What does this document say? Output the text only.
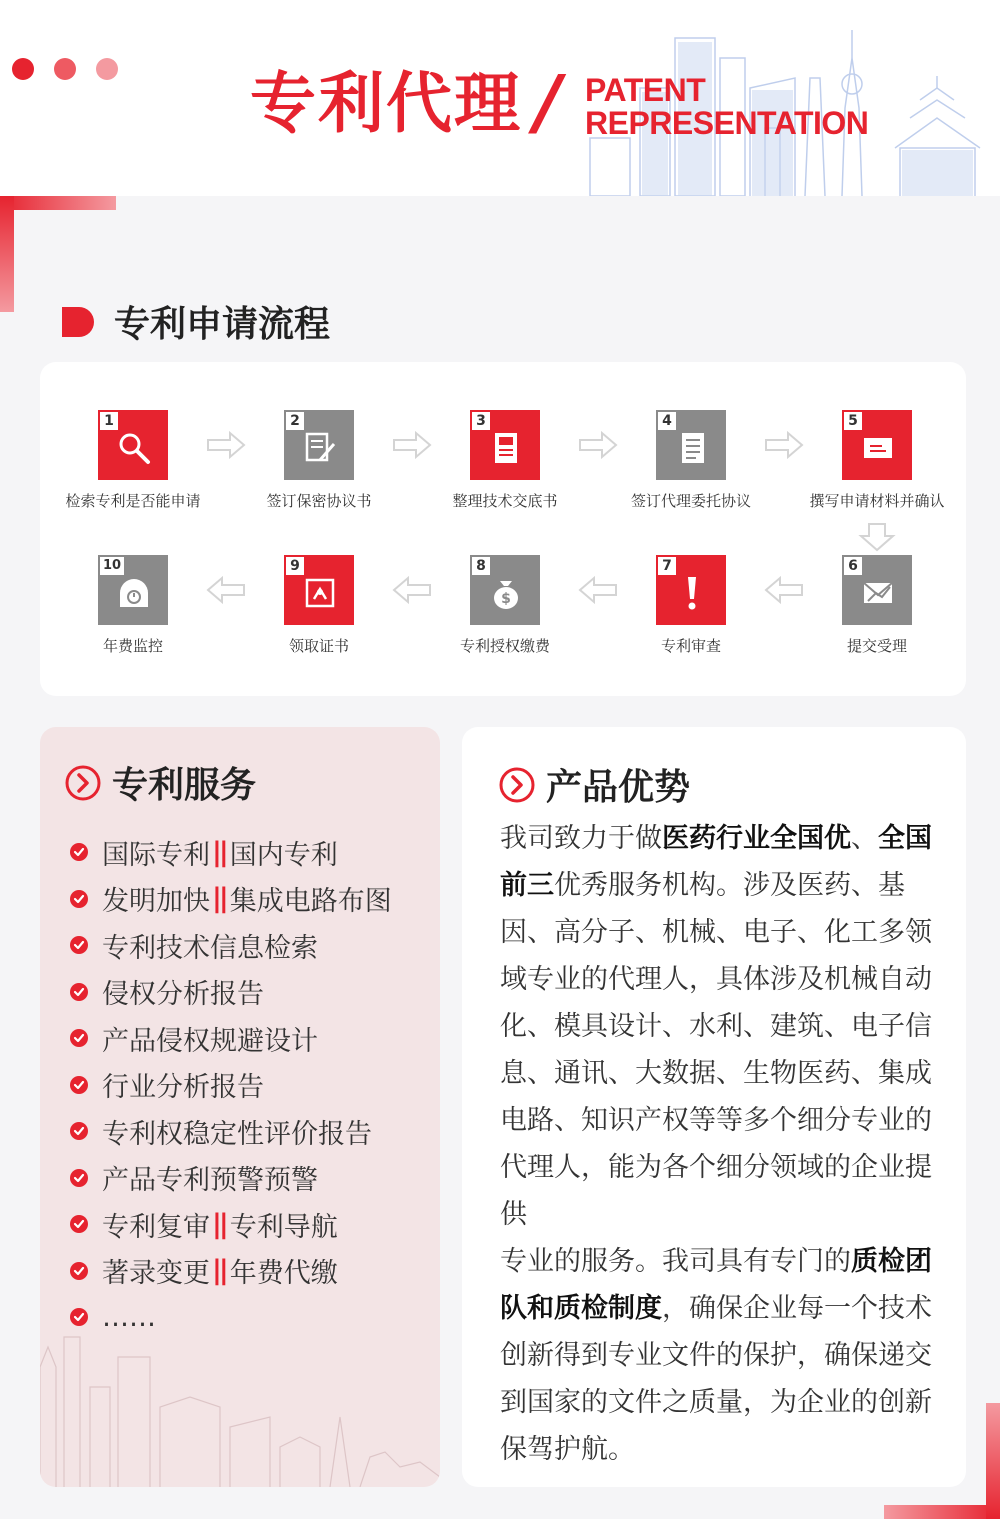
专利代理 / PATENT
REPRESENTATION
专利申请流程
1
检索专利是否能申请
2
签订保密协议书
3
整理技术交底书
4
签订代理委托协议
5
撰写申请材料并确认
6
提交受理
7
专利审查
8
$
专利授权缴费
9
领取证书
10
年费监控
专利服务
国际专利 || 国内专利
发明加快 || 集成电路布图
专利技术信息检索
侵权分析报告
产品侵权规避设计
行业分析报告
专利权稳定性评价报告
产品专利预警预警
专利复审 || 专利导航
著录变更 || 年费代缴
……
产品优势
我司致力于做医药行业全国优、全国前三优秀服务机构。涉及医药、基因、高分子、机械、电子、化工多领域专业的代理人，具体涉及机械自动化、模具设计、水利、建筑、电子信息、通讯、大数据、生物医药、集成电路、知识产权等等多个细分专业的代理人，能为各个细分领域的企业提供
专业的服务。我司具有专门的质检团队和质检制度，确保企业每一个技术创新得到专业文件的保护，确保递交到国家的文件之质量，为企业的创新保驾护航。
